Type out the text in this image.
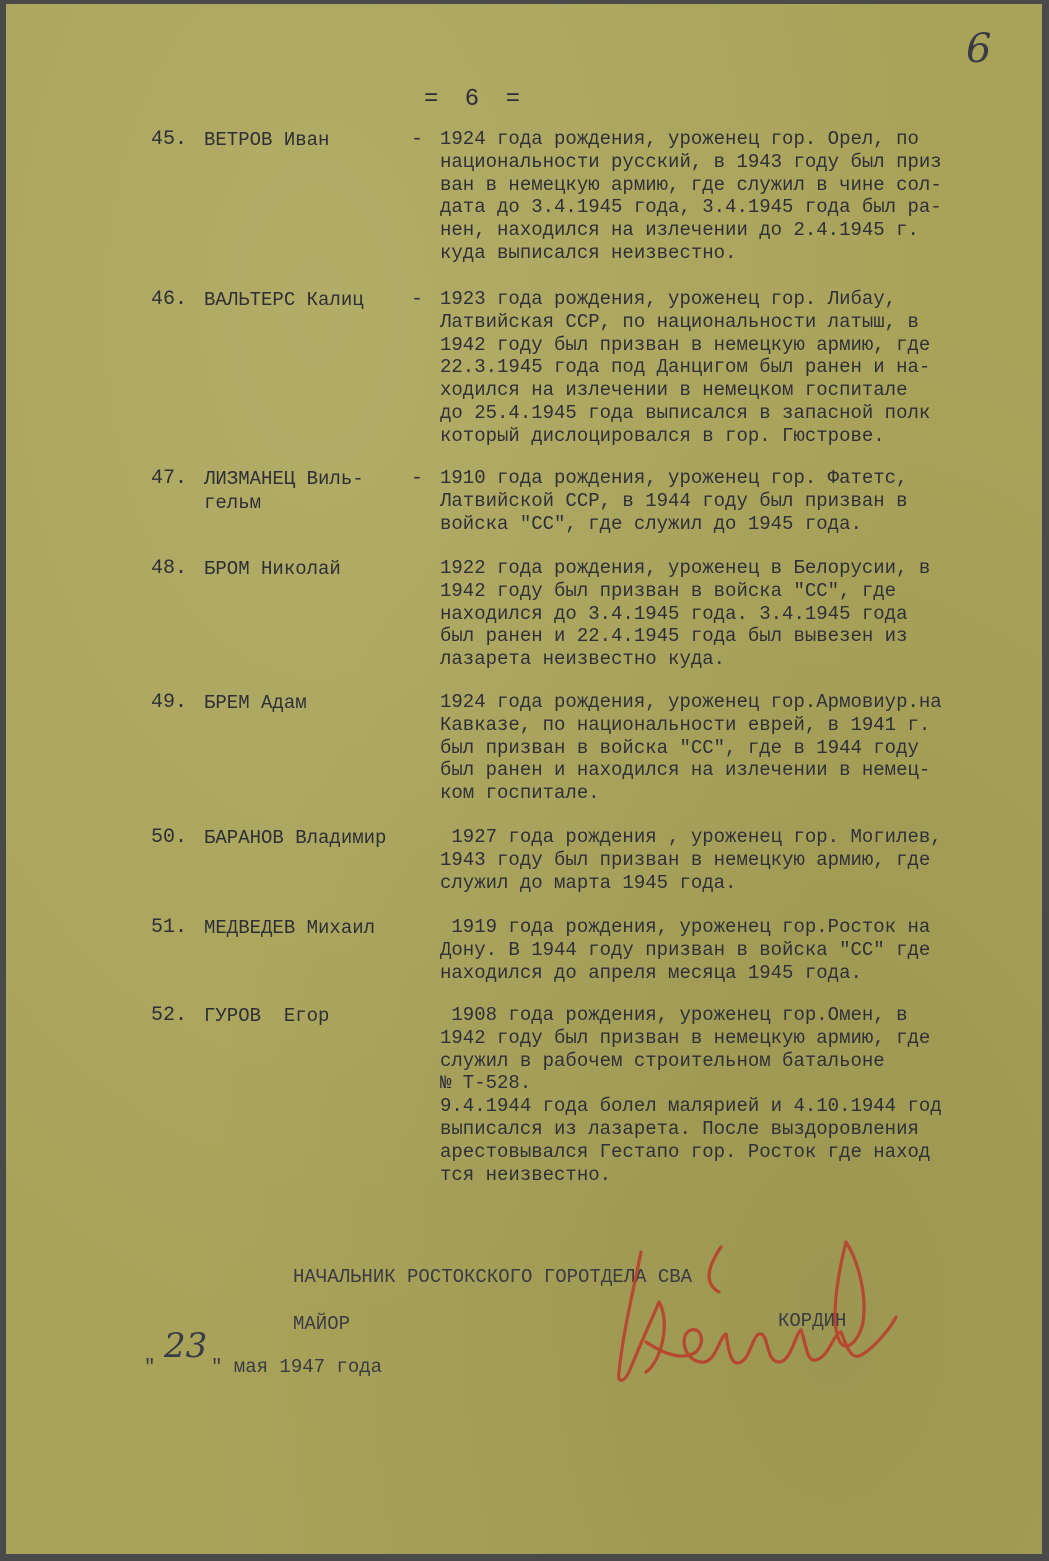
6
= 6 =
45. ВЕТРОВ Иван	- 1924 года рождения, уроженец гор. Орел, по
национальности русский, в 1943 году был приз
ван в немецкую армию, где служил в чине сол-
дата до 3.4.1945 года, 3.4.1945 года был ра-
нен, находился на излечении до 2.4.1945 г.
куда выписался неизвестно.
46. ВАЛЬТЕРС Калиц - 1923 года рождения, уроженец гор. Либау,
Латвийская ССР, по национальности латыш, в
1942 году был призван в немецкую армию, где
22.3.1945 года под Данцигом был ранен и на-
ходился на излечении в немецком госпитале
до 25.4.1945 года выписался в запасной полк
который дислоцировался в гор. Гюстрове.
47. ЛИЗМАНЕЦ Виль-
гельм
- 1910 года рождения, уроженец гор. Фатетс,
Латвийской ССР, в 1944 году был призван в
войска "СС", где служил до 1945 года.
48. БРОМ Николай	1922 года рождения, уроженец в Белорусии, в
1942 году был призван в войска "СС", где
находился до 3.4.1945 года. 3.4.1945 года
был ранен и 22.4.1945 года был вывезен из
лазарета неизвестно куда.
49. БРЕМ Адам	1924 года рождения, уроженец гор.Армовиур.на
Кавказе, по национальности еврей, в 1941 г.
был призван в войска "СС", где в 1944 году
был ранен и находился на излечении в немец-
ком госпитале.
50. БАРАНОВ Владимир	1927 года рождения , уроженец гор. Могилев,
1943 году был призван в немецкую армию, где
служил до марта 1945 года.
51. МЕДВЕДЕВ Михаил	1919 года рождения, уроженец гор.Росток на
Дону. В 1944 году призван в войска "СС" где
находился до апреля месяца 1945 года.
52. ГУРОВ  Егор	1908 года рождения, уроженец гор.Омен, в
1942 году был призван в немецкую армию, где
служил в рабочем строительном батальоне
№ Т-528.
9.4.1944 года болел малярией и 4.10.1944 год
выписался из лазарета. После выздоровления
арестовывался Гестапо гор. Росток где наход
тся неизвестно.
НАЧАЛЬНИК РОСТОКСКОГО ГОРОТДЕЛА СВА
МАЙОР	КОРДИН
"
23
" мая 1947 года
